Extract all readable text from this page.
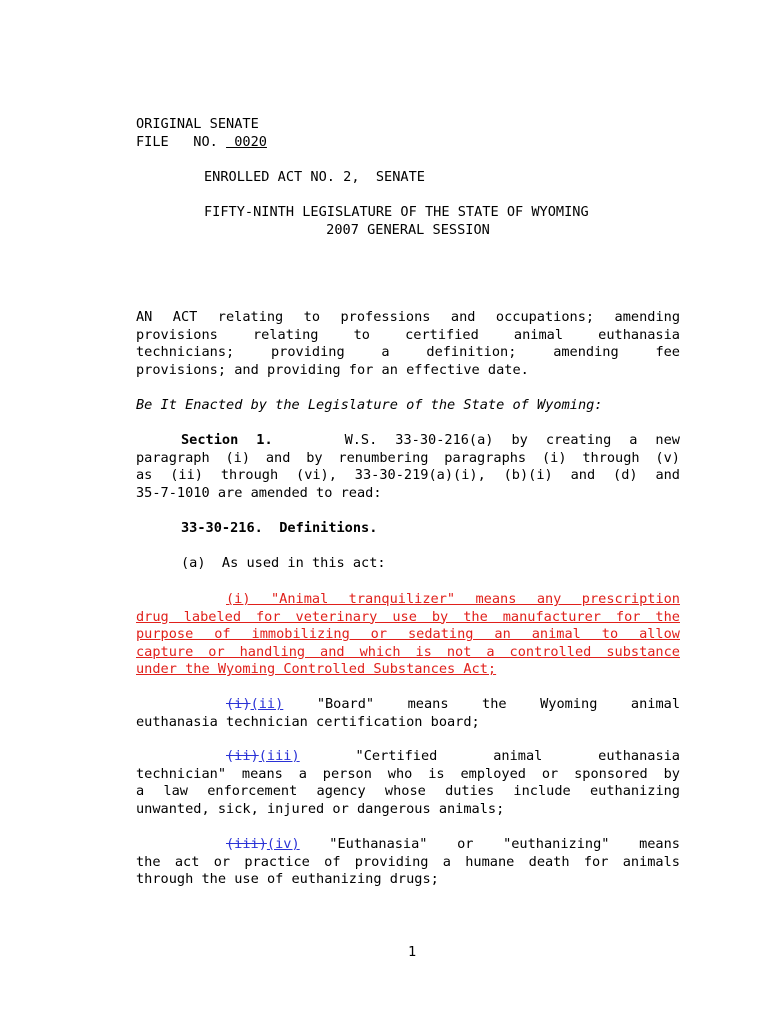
ORIGINAL SENATE
FILE   NO.  0020
ENROLLED ACT NO. 2,  SENATE
FIFTY-NINTH LEGISLATURE OF THE STATE OF WYOMING
2007 GENERAL SESSION

AN ACT relating to professions and occupations; amending

provisions relating to certified animal euthanasia

technicians; providing a definition; amending fee

provisions; and providing for an effective date.

Be It Enacted by the Legislature of the State of Wyoming:

Section 1.	W.S. 33-30-216(a) by creating a new

paragraph (i) and by renumbering paragraphs (i) through (v)

as (ii) through (vi), 33-30-219(a)(i), (b)(i) and (d) and

35-7-1010 are amended to read:

33-30-216.  Definitions.
(a)  As used in this act:

(i) "Animal tranquilizer" means any prescription

drug labeled for veterinary use by the manufacturer for the

purpose of immobilizing or sedating an animal to allow

capture or handling and which is not a controlled substance

under the Wyoming Controlled Substances Act;

(i)(ii) "Board" means the Wyoming animal

euthanasia technician certification board;

(ii)(iii) "Certified animal euthanasia

technician" means a person who is employed or sponsored by

a law enforcement agency whose duties include euthanizing

unwanted, sick, injured or dangerous animals;

(iii)(iv) "Euthanasia" or "euthanizing" means

the act or practice of providing a humane death for animals

through the use of euthanizing drugs;

1
